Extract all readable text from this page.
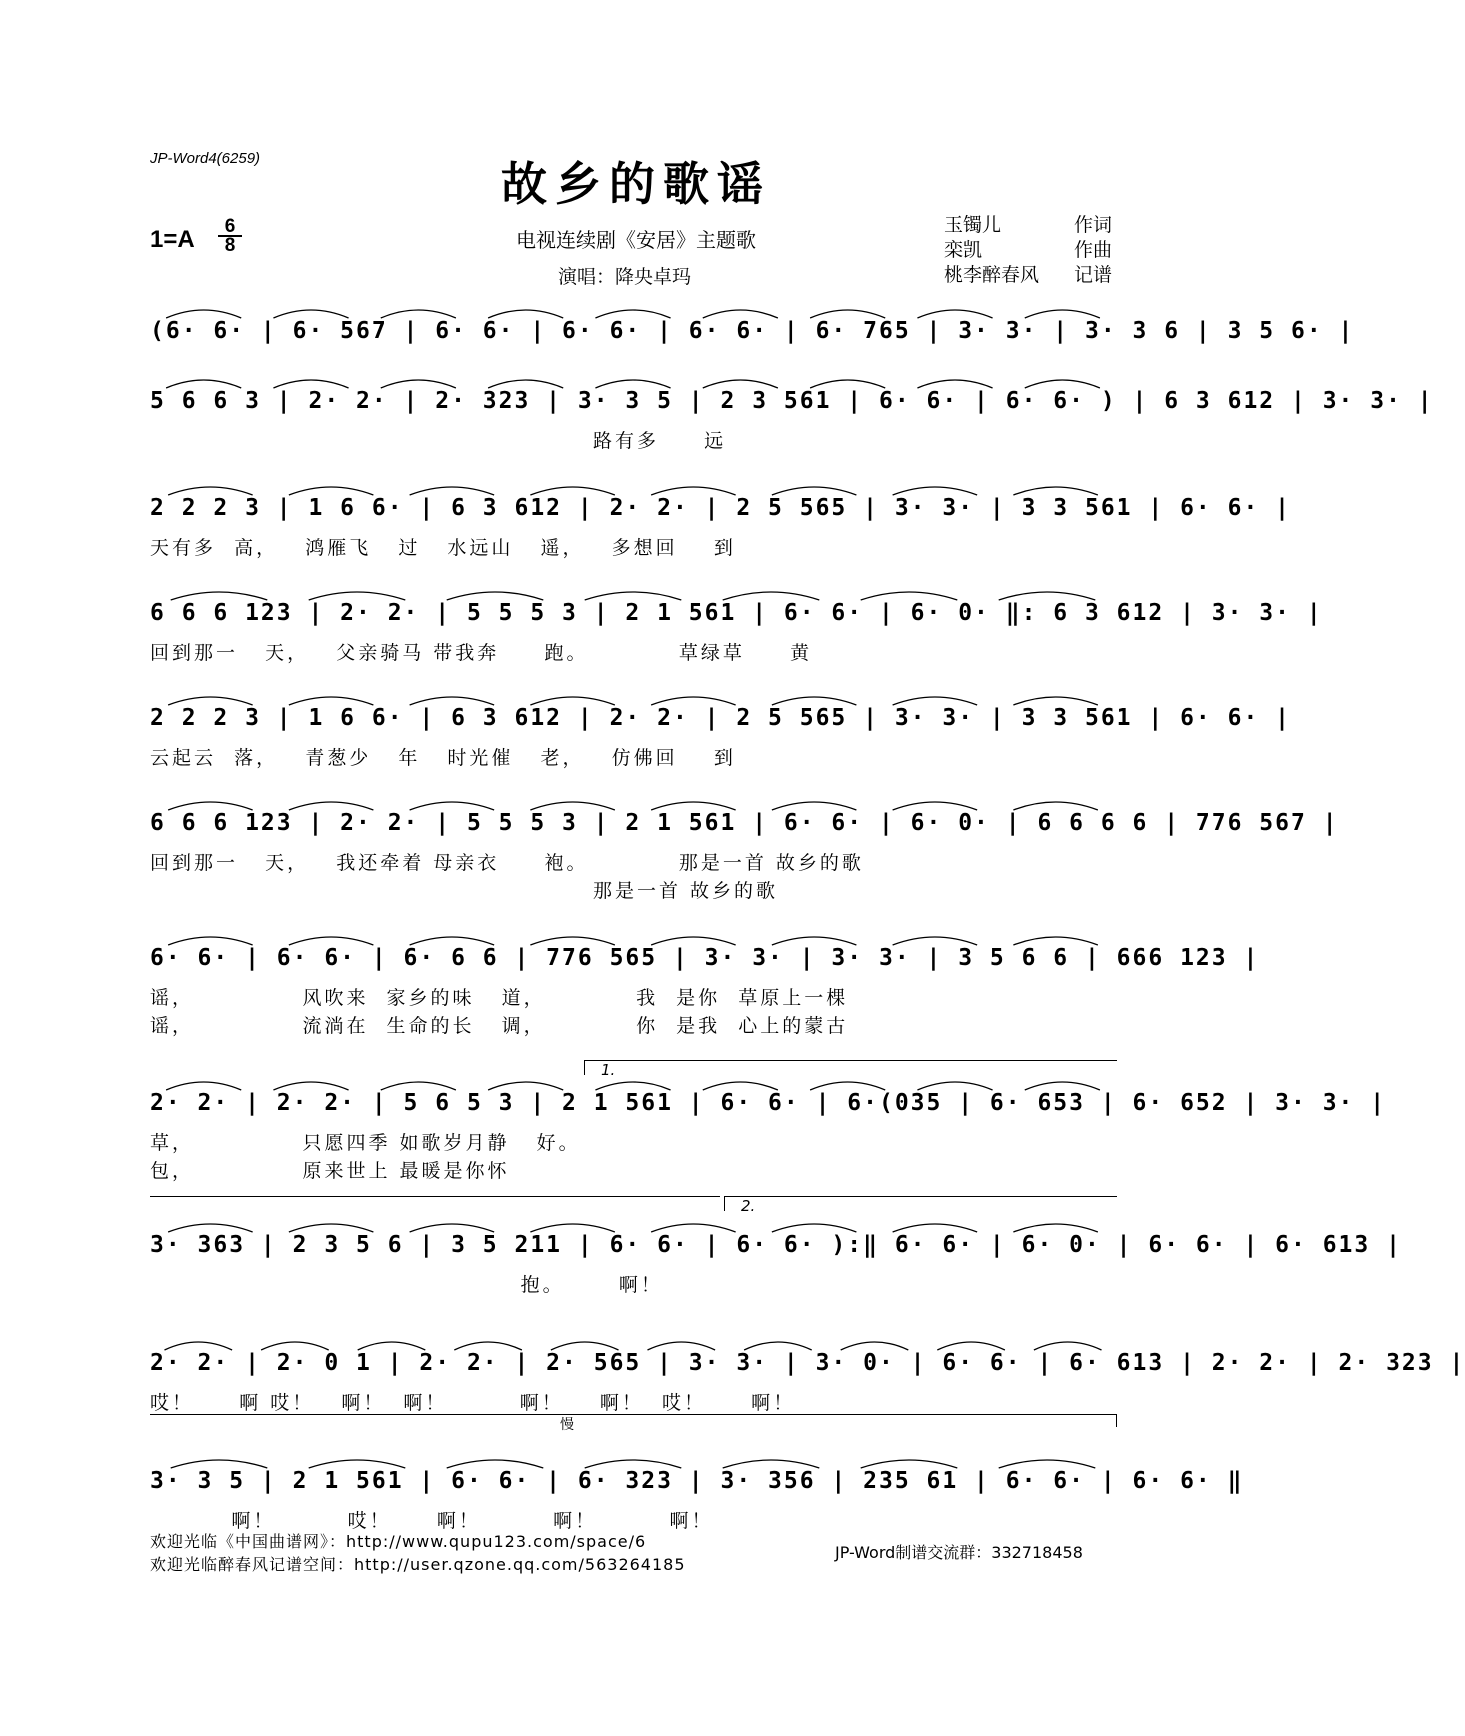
JP-Word4(6259)	故乡的歌谣
$1=A \frac{6}{8}$	电视连续剧《安居》主题歌
演唱：降央卓玛
玉镯儿	作词
栾凯	作曲
桃李醉春风 记谱
(6· 6· | 6· 567 | 6· 6· | 6· 6· | 6· 6· | 6· 765 | 3· 3· | 3· 3 6 | 3 5 6· |
5 6 6 3 | 2· 2· | 2· 323 | 3· 3 5 | 2 3 561 | 6· 6· | 6· 6· ) | 6 3 612 | 3· 3· |
路有多     远
2 2 2 3 | 1 6 6· | 6 3 612 | 2· 2· | 2 5 565 | 3· 3· | 3 3 561 | 6· 6· |
天有多  高，   鸿雁飞   过   水远山   遥，   多想回    到
6 6 6 123 | 2· 2· | 5 5 5 3 | 2 1 561 | 6· 6· | 6· 0· ‖: 6 3 612 | 3· 3· |
回到那一   天，   父亲骑马 带我奔     跑。          草绿草     黄
2 2 2 3 | 1 6 6· | 6 3 612 | 2· 2· | 2 5 565 | 3· 3· | 3 3 561 | 6· 6· |
云起云  落，   青葱少   年   时光催   老，   仿佛回    到
6 6 6 123 | 2· 2· | 5 5 5 3 | 2 1 561 | 6· 6· | 6· 0· | 6 6 6 6 | 776 567 |
回到那一   天，   我还牵着 母亲衣     袍。          那是一首 故乡的歌
那是一首 故乡的歌
6· 6· | 6· 6· | 6· 6 6 | 776 565 | 3· 3· | 3· 3· | 3 5 6 6 | 666 123 |
谣，            风吹来  家乡的味   道，          我  是你  草原上一棵
谣，            流淌在  生命的长   调，          你  是我  心上的蒙古
2· 2· | 2· 2· | 5 6 5 3 | 2 1 561 | 6· 6· | 6·(035 | 6· 653 | 6· 652 | 3· 3· |
草，            只愿四季 如歌岁月静   好。
包，            原来世上 最暖是你怀
3· 363 | 2 3 5 6 | 3 5 211 | 6· 6· | 6· 6· ):‖ 6· 6· | 6· 0· | 6· 6· | 6· 613 |
抱。      啊！
2· 2· | 2· 0 1 | 2· 2· | 2· 565 | 3· 3· | 3· 0· | 6· 6· | 6· 613 | 2· 2· | 2· 323 |
哎！     啊 哎！   啊！  啊！        啊！    啊！  哎！     啊！
3· 3 5 | 2 1 561 | 6· 6· | 6· 323 | 3· 356 | 235 61 | 6· 6· | 6· 6· ‖
啊！        哎！     啊！        啊！        啊！
1.
2.
慢
欢迎光临《中国曲谱网》：http://www.qupu123.com/space/6
欢迎光临醉春风记谱空间：http://user.qzone.qq.com/563264185
JP-Word制谱交流群：332718458
